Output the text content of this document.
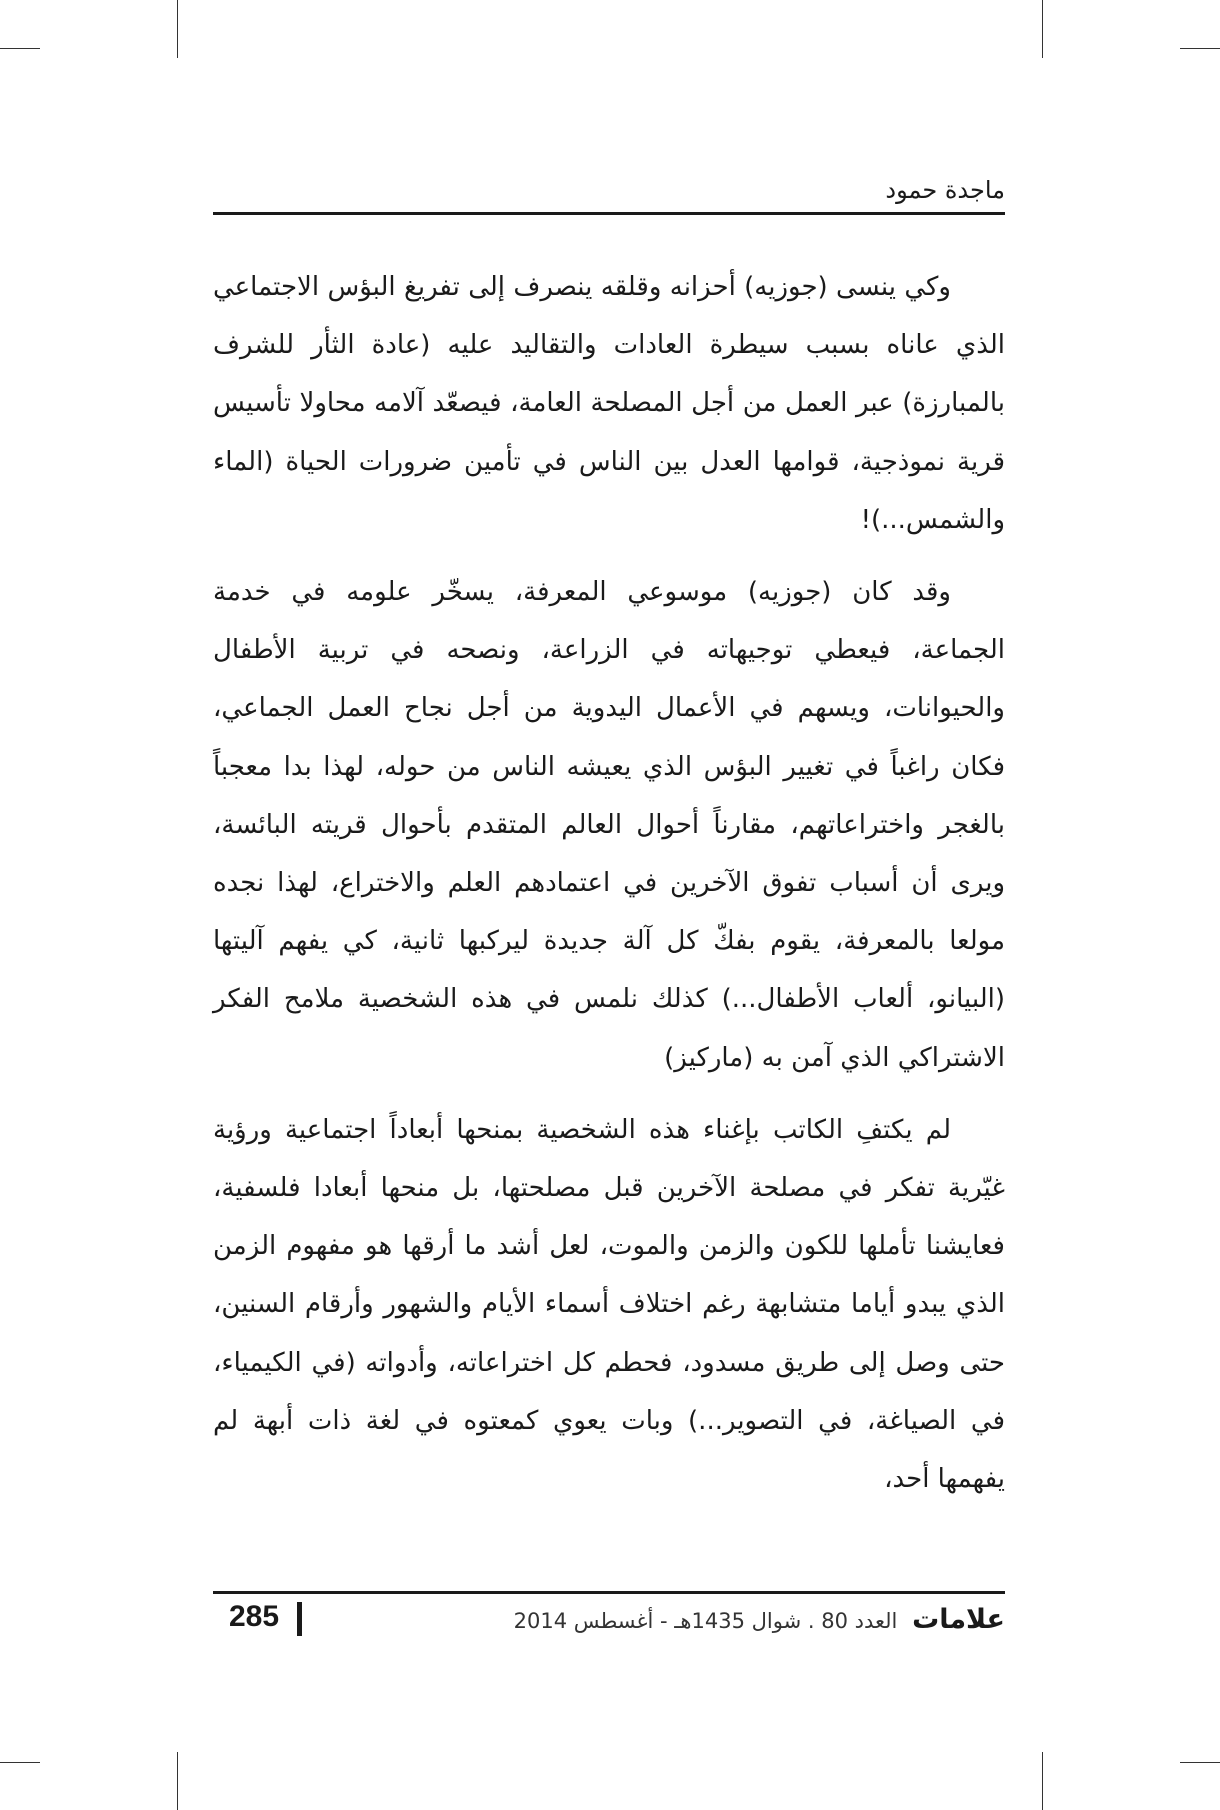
ماجدة حمود

وكي ينسى (جوزيه) أحزانه وقلقه ينصرف إلى تفريغ البؤس الاجتماعي الذي عاناه بسبب سيطرة العادات والتقاليد عليه (عادة الثأر للشرف بالمبارزة) عبر العمل من أجل المصلحة العامة، فيصعّد آلامه محاولا تأسيس قرية نموذجية، قوامها العدل بين الناس في تأمين ضرورات الحياة (الماء والشمس...)!

وقد كان (جوزيه) موسوعي المعرفة، يسخّر علومه في خدمة الجماعة، فيعطي توجيهاته في الزراعة، ونصحه في تربية الأطفال والحيوانات، ويسهم في الأعمال اليدوية من أجل نجاح العمل الجماعي، فكان راغباً في تغيير البؤس الذي يعيشه الناس من حوله، لهذا بدا معجباً بالغجر واختراعاتهم، مقارناً أحوال العالم المتقدم بأحوال قريته البائسة، ويرى أن أسباب تفوق الآخرين في اعتمادهم العلم والاختراع، لهذا نجده مولعا بالمعرفة، يقوم بفكّ كل آلة جديدة ليركبها ثانية، كي يفهم آليتها (البيانو، ألعاب الأطفال...) كذلك نلمس في هذه الشخصية ملامح الفكر الاشتراكي الذي آمن به (ماركيز)

لم يكتفِ الكاتب بإغناء هذه الشخصية بمنحها أبعاداً اجتماعية ورؤية غيّرية تفكر في مصلحة الآخرين قبل مصلحتها، بل منحها أبعادا فلسفية، فعايشنا تأملها للكون والزمن والموت، لعل أشد ما أرقها هو مفهوم الزمن الذي يبدو أياما متشابهة رغم اختلاف أسماء الأيام والشهور وأرقام السنين، حتى وصل إلى طريق مسدود، فحطم كل اختراعاته، وأدواته (في الكيمياء، في الصياغة، في التصوير...) وبات يعوي كمعتوه في لغة ذات أبهة لم يفهمها أحد،

285	علامات العدد 80 . شوال 1435هـ - أغسطس 2014
